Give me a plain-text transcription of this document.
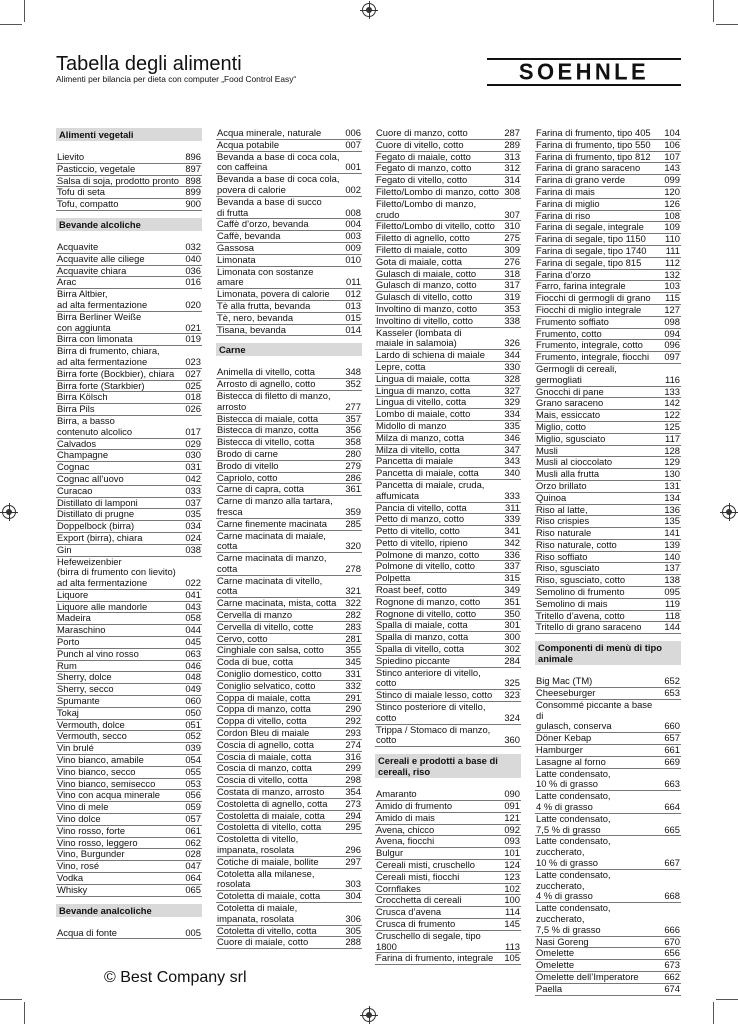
Tabella degli alimenti
Alimenti per bilancia per dieta con computer „Food Control Easy“	SOEHNLE
Alimenti vegetali
Lievito	896
Pasticcio, vegetale	897
Salsa di soja, prodotto pronto 898
Tofu di seta	899
Tofu, compatto	900
Bevande alcoliche
Acquavite	032
Acquavite alle ciliege	040
Acquavite chiara	036
Arac	016
Birra Altbier,
ad alta fermentazione	020
Birra Berliner Weiße
con aggiunta	021
Birra con limonata	019
Birra di frumento, chiara,
ad alta fermentazione	023
Birra forte (Bockbier), chiara	027
Birra forte (Starkbier)	025
Birra Kölsch	018
Birra Pils	026
Birra, a basso
contenuto alcolico	017
Calvados	029
Champagne	030
Cognac	031
Cognac all’uovo	042
Curacao	033
Distillato di lamponi	037
Distillato di prugne	035
Doppelbock (birra)	034
Export (birra), chiara	024
Gin	038
Hefeweizenbier
(birra di frumento con lievito)
ad alta fermentazione	022
Liquore	041
Liquore alle mandorle	043
Madeira	058
Maraschino	044
Porto	045
Punch al vino rosso	063
Rum	046
Sherry, dolce	048
Sherry, secco	049
Spumante	060
Tokaj	050
Vermouth, dolce	051
Vermouth, secco	052
Vin brulé	039
Vino bianco, amabile	054
Vino bianco, secco	055
Vino bianco, semisecco	053
Vino con acqua minerale	056
Vino di mele	059
Vino dolce	057
Vino rosso, forte	061
Vino rosso, leggero	062
Vino, Burgunder	028
Vino, rosé	047
Vodka	064
Whisky	065
Bevande analcoliche
Acqua di fonte	005
Acqua minerale, naturale	006
Acqua potabile	007
Bevanda a base di coca cola,
con caffeina	001
Bevanda a base di coca cola,
povera di calorie	002
Bevanda a base di succo
di frutta	008
Caffè d’orzo, bevanda	004
Caffè, bevanda	003
Gassosa	009
Limonata	010
Limonata con sostanze amare	011
Limonata, povera di calorie	012
Tè alla frutta, bevanda	013
Tè, nero, bevanda	015
Tisana, bevanda	014
Carne
Animella di vitello, cotta	348
Arrosto di agnello, cotto	352
Bistecca di filetto di manzo,
arrosto	277
Bistecca di maiale, cotta	357
Bistecca di manzo, cotta	356
Bistecca di vitello, cotta	358
Brodo di carne	280
Brodo di vitello	279
Capriolo, cotto	286
Carne di capra, cotta	361
Carne di manzo alla tartara,
fresca	359
Carne finemente macinata	285
Carne macinata di maiale,
cotta	320
Carne macinata di manzo,
cotta	278
Carne macinata di vitello,
cotta	321
Carne macinata, mista, cotta 322
Cervella di manzo	282
Cervella di vitello, cotte	283
Cervo, cotto	281
Cinghiale con salsa, cotto	355
Coda di bue, cotta	345
Coniglio domestico, cotto	331
Coniglio selvatico, cotto	332
Coppa di maiale, cotta	291
Coppa di manzo, cotta	290
Coppa di vitello, cotta	292
Cordon Bleu di maiale	293
Coscia di agnello, cotta	274
Coscia di maiale, cotta	316
Coscia di manzo, cotta	299
Coscia di vitello, cotta	298
Costata di manzo, arrosto	354
Costoletta di agnello, cotta	273
Costoletta di maiale, cotta	294
Costoletta di vitello, cotta	295
Costoletta di vitello,
impanata, rosolata	296
Cotiche di maiale, bollite	297
Cotoletta alla milanese,
rosolata	303
Cotoletta di maiale, cotta	304
Cotoletta di maiale,
impanata, rosolata	306
Cotoletta di vitello, cotta	305
Cuore di maiale, cotto	288
Cuore di manzo, cotto	287
Cuore di vitello, cotto	289
Fegato di maiale, cotto	313
Fegato di manzo, cotto	312
Fegato di vitello, cotto	314
Filetto/Lombo di manzo, cotto 308
Filetto/Lombo di manzo, crudo	307
Filetto/Lombo di vitello, cotto	310
Filetto di agnello, cotto	275
Filetto di maiale, cotto	309
Gota di maiale, cotta	276
Gulasch di maiale, cotto	318
Gulasch di manzo, cotto	317
Gulasch di vitello, cotto	319
Involtino di manzo, cotto	353
Involtino di vitello, cotto	338
Kasseler (lombata di
maiale in salamoia)	326
Lardo di schiena di maiale	344
Lepre, cotta	330
Lingua di maiale, cotta	328
Lingua di manzo, cotta	327
Lingua di vitello, cotta	329
Lombo di maiale, cotto	334
Midollo di manzo	335
Milza di manzo, cotta	346
Milza di vitello, cotta	347
Pancetta di maiale	343
Pancetta di maiale, cotta	340
Pancetta di maiale, cruda,
affumicata	333
Pancia di vitello, cotta	311
Petto di manzo, cotto	339
Petto di vitello, cotto	341
Petto di vitello, ripieno	342
Polmone di manzo, cotto	336
Polmone di vitello, cotto	337
Polpetta	315
Roast beef, cotto	349
Rognone di manzo, cotto	351
Rognone di vitello, cotto	350
Spalla di maiale, cotta	301
Spalla di manzo, cotta	300
Spalla di vitello, cotta	302
Spiedino piccante	284
Stinco anteriore di vitello,
cotto	325
Stinco di maiale lesso, cotto	323
Stinco posteriore di vitello,
cotto	324
Trippa / Stomaco di manzo,
cotto	360
Cereali e prodotti a base di
cereali, riso
Amaranto	090
Amido di frumento	091
Amido di mais	121
Avena, chicco	092
Avena, fiocchi	093
Bulgur	101
Cereali misti, cruschello	124
Cereali misti, fiocchi	123
Cornflakes	102
Crocchetta di cereali	100
Crusca d’avena	114
Crusca di frumento	145
Cruschello di segale, tipo 1800	113
Farina di frumento, integrale	105
Farina di frumento, tipo 405	104
Farina di frumento, tipo 550	106
Farina di frumento, tipo 812	107
Farina di grano saraceno	143
Farina di grano verde	099
Farina di mais	120
Farina di miglio	126
Farina di riso	108
Farina di segale, integrale	109
Farina di segale, tipo 1150	110
Farina di segale, tipo 1740	111
Farina di segale, tipo 815	112
Farina d’orzo	132
Farro, farina integrale	103
Fiocchi di germogli di grano	115
Fiocchi di miglio integrale	127
Frumento soffiato	098
Frumento, cotto	094
Frumento, integrale, cotto	096
Frumento, integrale, fiocchi	097
Germogli di cereali, germogliati	116
Gnocchi di pane	133
Grano saraceno	142
Mais, essiccato	122
Miglio, cotto	125
Miglio, sgusciato	117
Musli	128
Musli al cioccolato	129
Musli alla frutta	130
Orzo brillato	131
Quinoa	134
Riso al latte,	136
Riso crispies	135
Riso naturale	141
Riso naturale, cotto	139
Riso soffiato	140
Riso, sgusciato	137
Riso, sgusciato, cotto	138
Semolino di frumento	095
Semolino di mais	119
Tritello d’avena, cotto	118
Tritello di grano saraceno	144
Componenti di menù di tipo
animale
Big Mac (TM)	652
Cheeseburger	653
Consommé piccante a base di
gulasch, conserva	660
Döner Kebap	657
Hamburger	661
Lasagne al forno	669
Latte condensato,
10 % di grasso	663
Latte condensato,
4 % di grasso	664
Latte condensato,
7,5 % di grasso	665
Latte condensato, zuccherato,
10 % di grasso	667
Latte condensato, zuccherato,
4 % di grasso	668
Latte condensato, zuccherato,
7,5 % di grasso	666
Nasi Goreng	670
Omelette	656
Omelette	673
Omelette dell’Imperatore	662
Paella	674
© Best Company srl
